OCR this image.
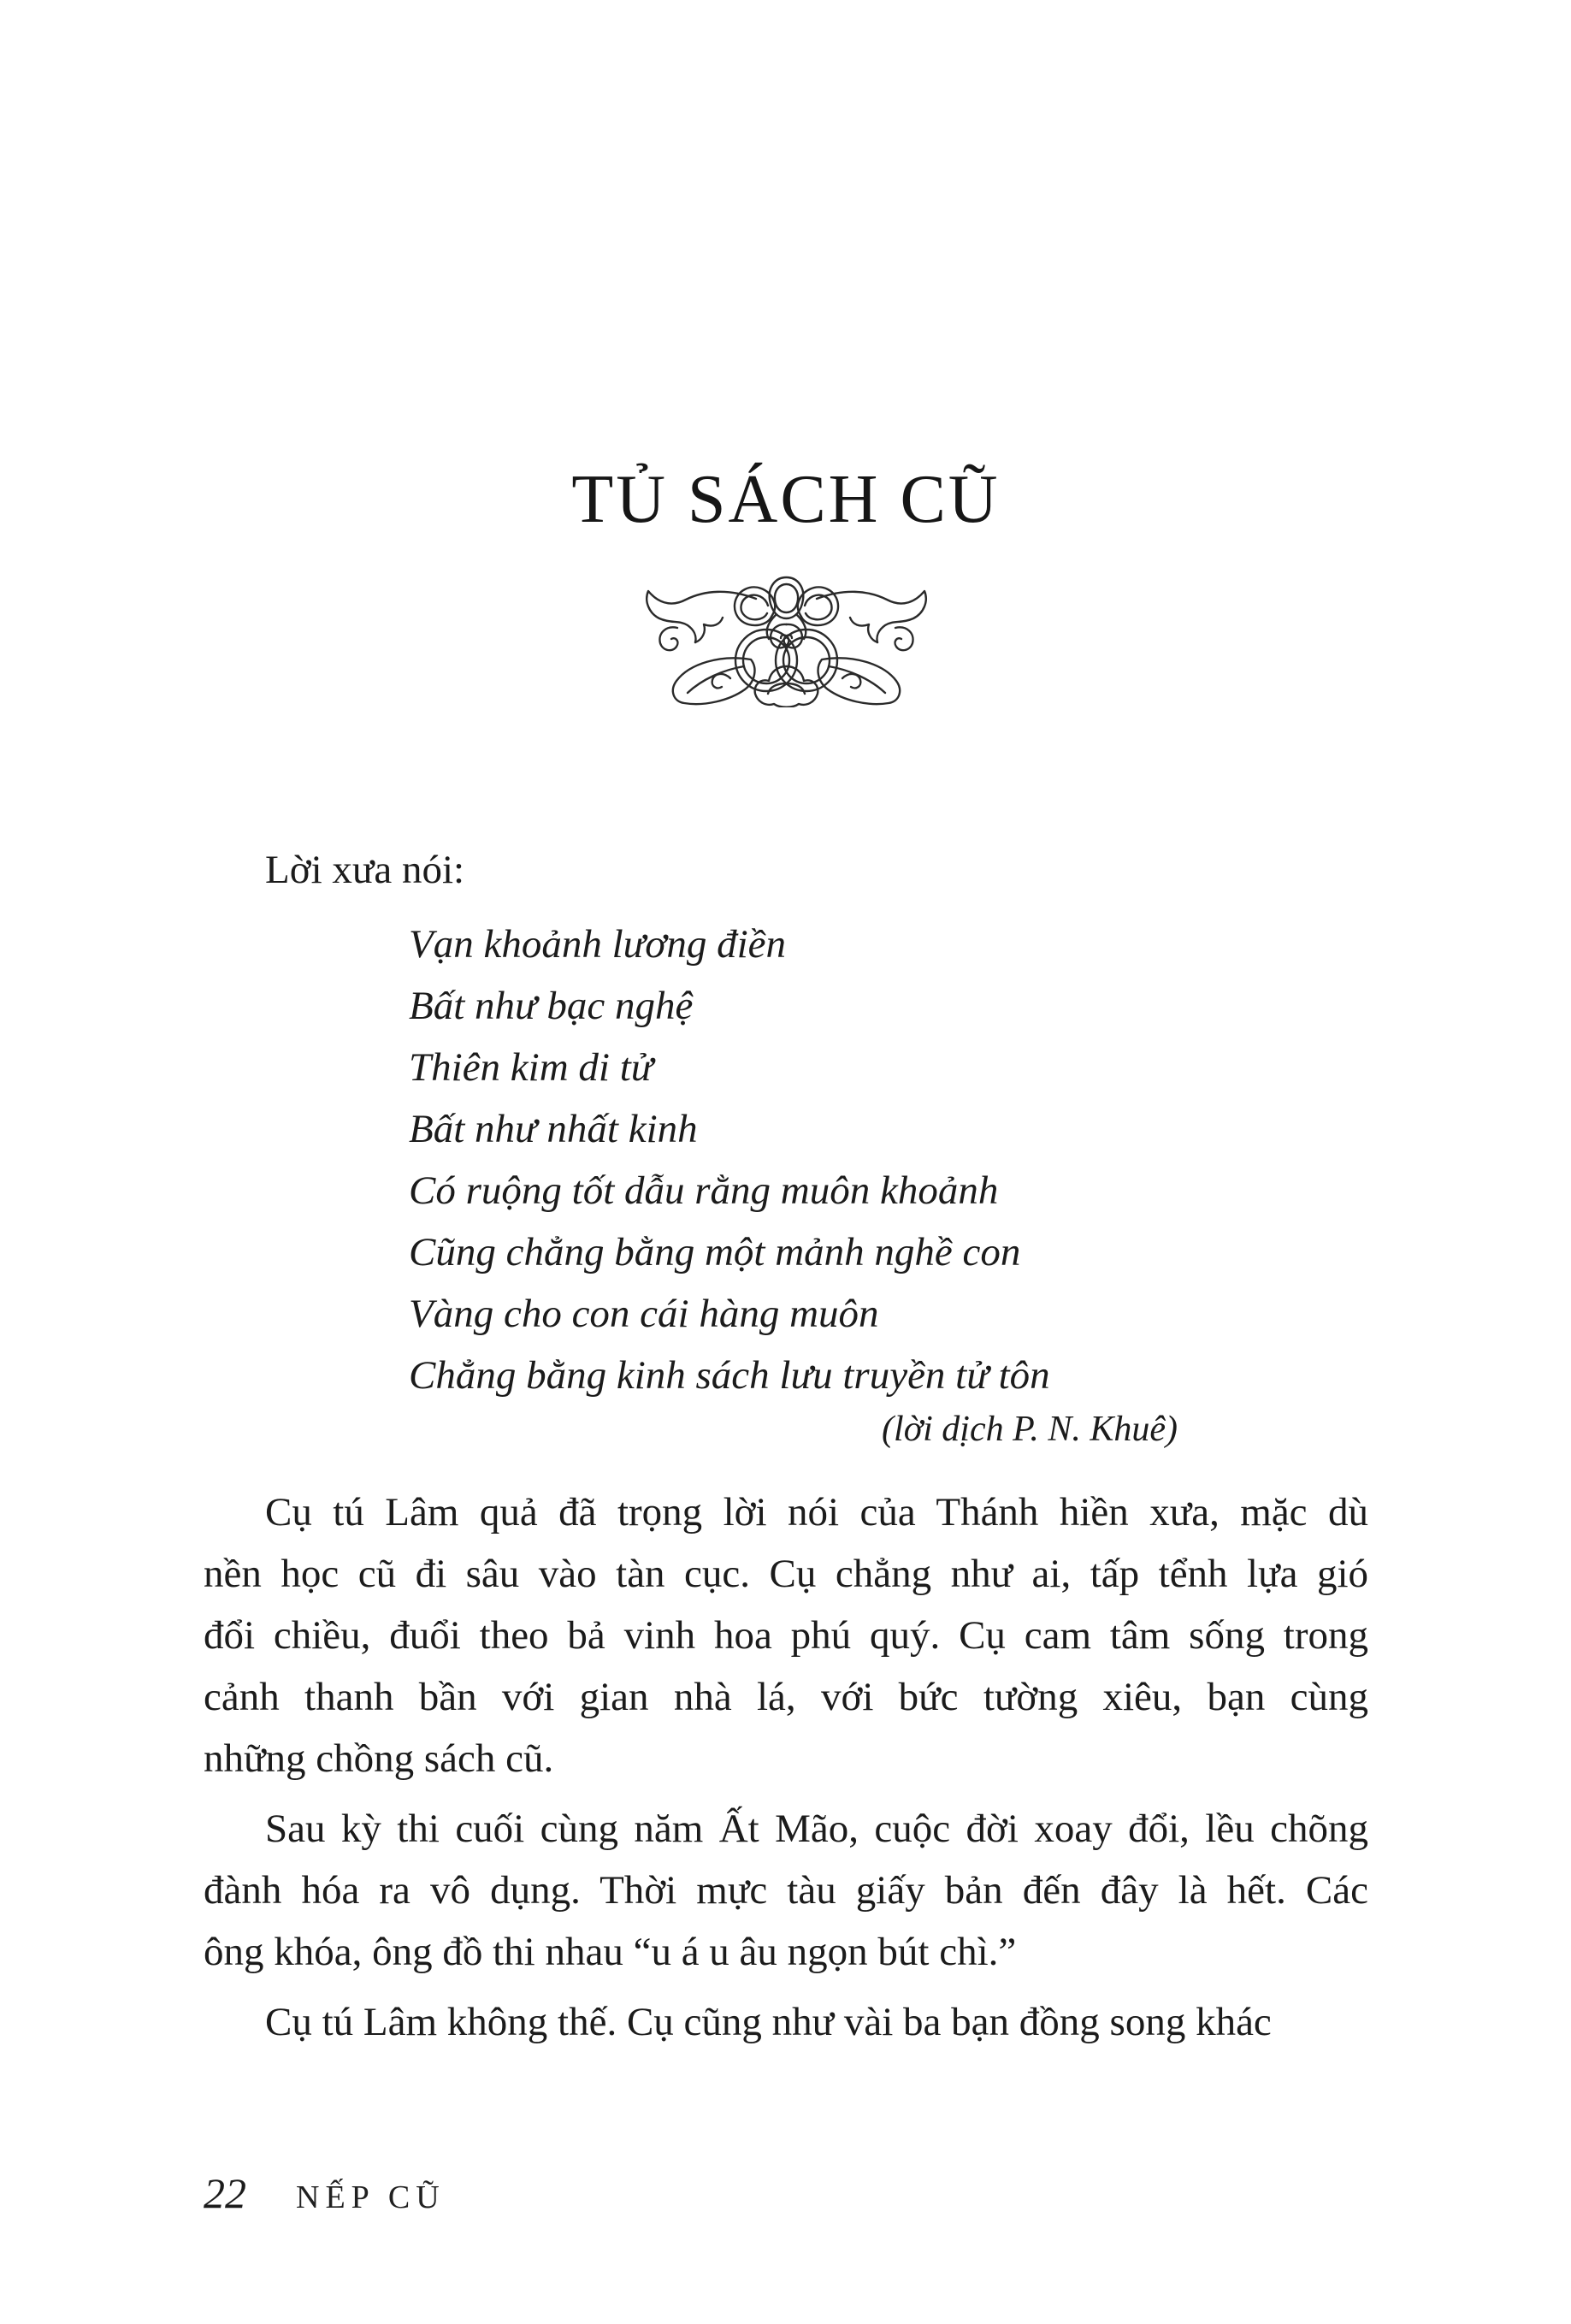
TỦ SÁCH CŨ
Lời xưa nói:
Vạn khoảnh lương điền
Bất như bạc nghệ
Thiên kim di tử
Bất như nhất kinh
Có ruộng tốt dẫu rằng muôn khoảnh
Cũng chẳng bằng một mảnh nghề con
Vàng cho con cái hàng muôn
Chẳng bằng kinh sách lưu truyền tử tôn
(lời dịch P. N. Khuê)
Cụ tú Lâm quả đã trọng lời nói của Thánh hiền xưa, mặc dù
nền học cũ đi sâu vào tàn cục. Cụ chẳng như ai, tấp tểnh lựa gió
đổi chiều, đuổi theo bả vinh hoa phú quý. Cụ cam tâm sống trong
cảnh thanh bần với gian nhà lá, với bức tường xiêu, bạn cùng
những chồng sách cũ.
Sau kỳ thi cuối cùng năm Ất Mão, cuộc đời xoay đổi, lều chõng
đành hóa ra vô dụng. Thời mực tàu giấy bản đến đây là hết. Các
ông khóa, ông đồ thi nhau “u á u âu ngọn bút chì.”
Cụ tú Lâm không thế. Cụ cũng như vài ba bạn đồng song khác
22 NẾP CŨ
